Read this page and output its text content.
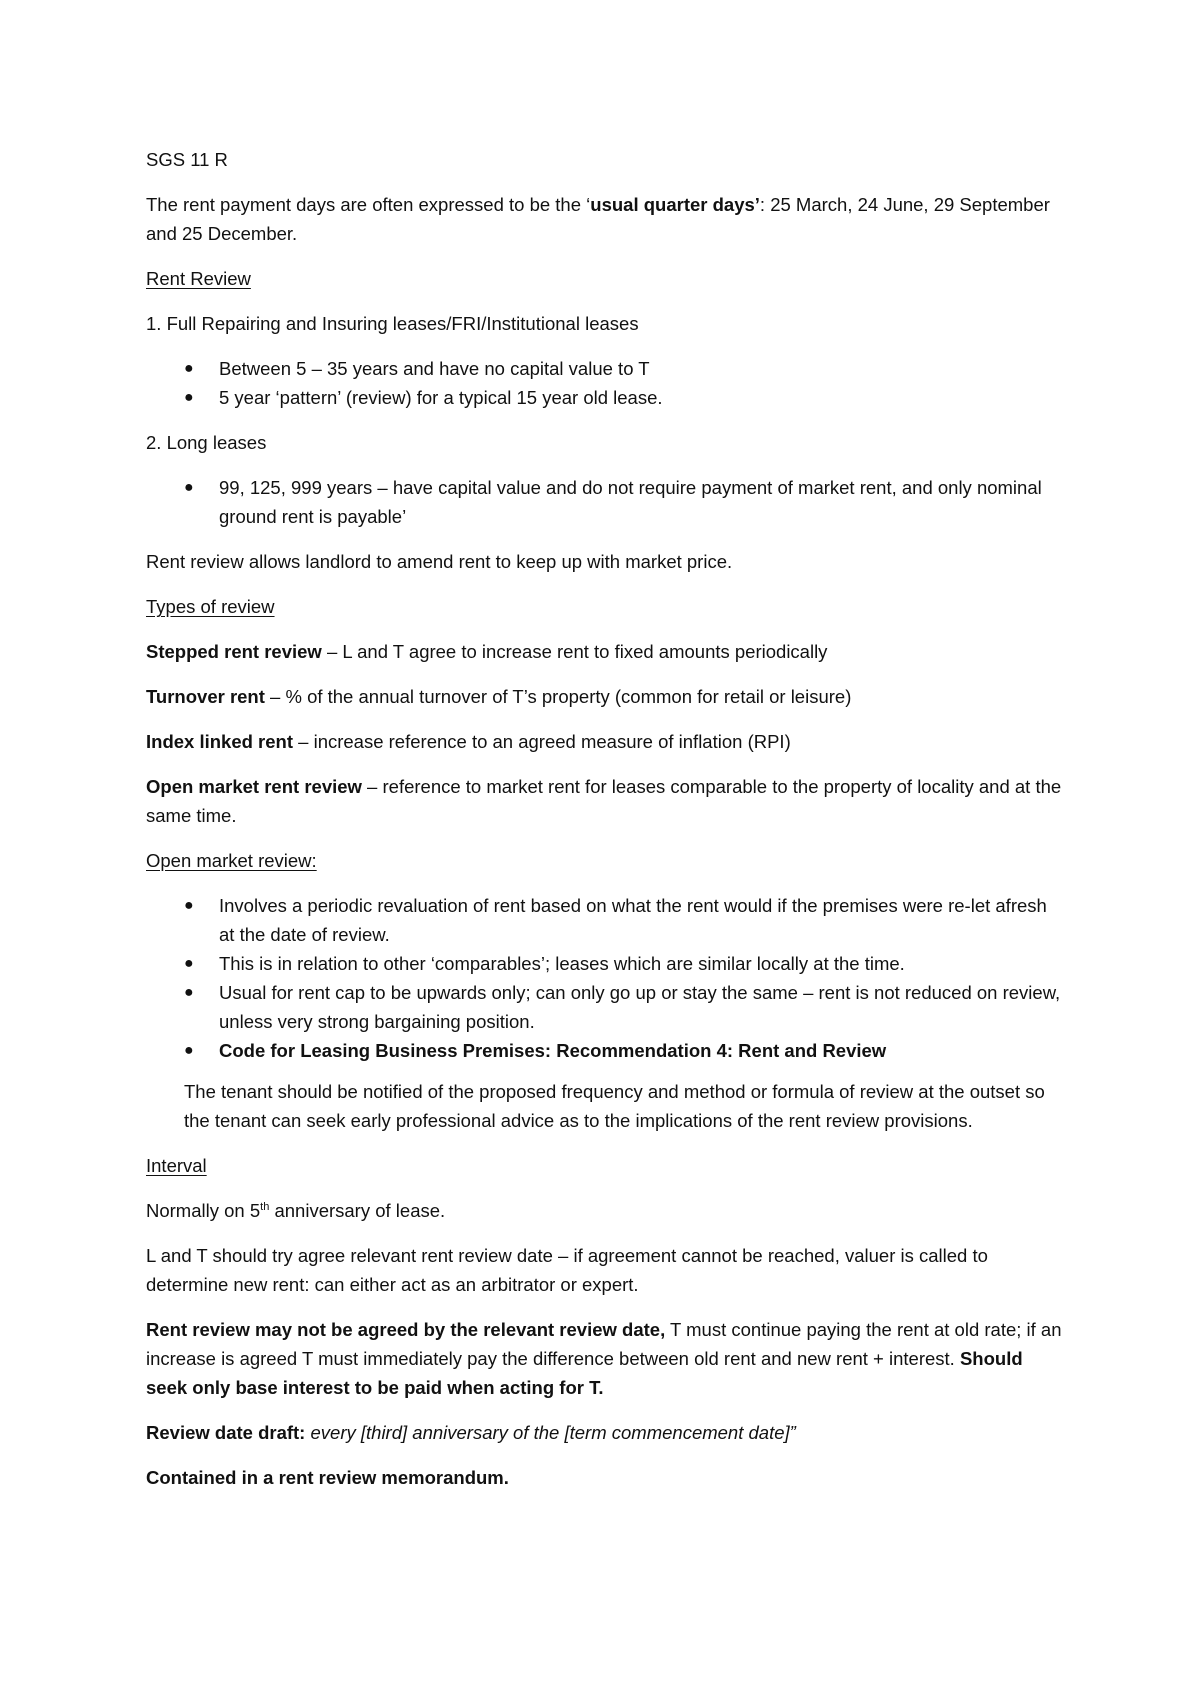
SGS 11 R

The rent payment days are often expressed to be the ‘usual quarter days’: 25 March, 24 June, 29 September and 25 December.

Rent Review

1. Full Repairing and Insuring leases/FRI/Institutional leases

● Between 5 – 35 years and have no capital value to T
● 5 year ‘pattern’ (review) for a typical 15 year old lease.

2. Long leases

● 99, 125, 999 years – have capital value and do not require payment of market rent, and only nominal ground rent is payable’

Rent review allows landlord to amend rent to keep up with market price.

Types of review

Stepped rent review – L and T agree to increase rent to fixed amounts periodically

Turnover rent – % of the annual turnover of T’s property (common for retail or leisure)

Index linked rent – increase reference to an agreed measure of inflation (RPI)

Open market rent review – reference to market rent for leases comparable to the property of locality and at the same time.

Open market review:

● Involves a periodic revaluation of rent based on what the rent would if the premises were re-let afresh at the date of review.
● This is in relation to other ‘comparables’; leases which are similar locally at the time.
● Usual for rent cap to be upwards only; can only go up or stay the same – rent is not reduced on review, unless very strong bargaining position.
● Code for Leasing Business Premises: Recommendation 4: Rent and Review

The tenant should be notified of the proposed frequency and method or formula of review at the outset so the tenant can seek early professional advice as to the implications of the rent review provisions.

Interval

Normally on 5th anniversary of lease.

L and T should try agree relevant rent review date – if agreement cannot be reached, valuer is called to determine new rent: can either act as an arbitrator or expert.

Rent review may not be agreed by the relevant review date, T must continue paying the rent at old rate; if an increase is agreed T must immediately pay the difference between old rent and new rent + interest. Should seek only base interest to be paid when acting for T.

Review date draft: every [third] anniversary of the [term commencement date]”

Contained in a rent review memorandum.
